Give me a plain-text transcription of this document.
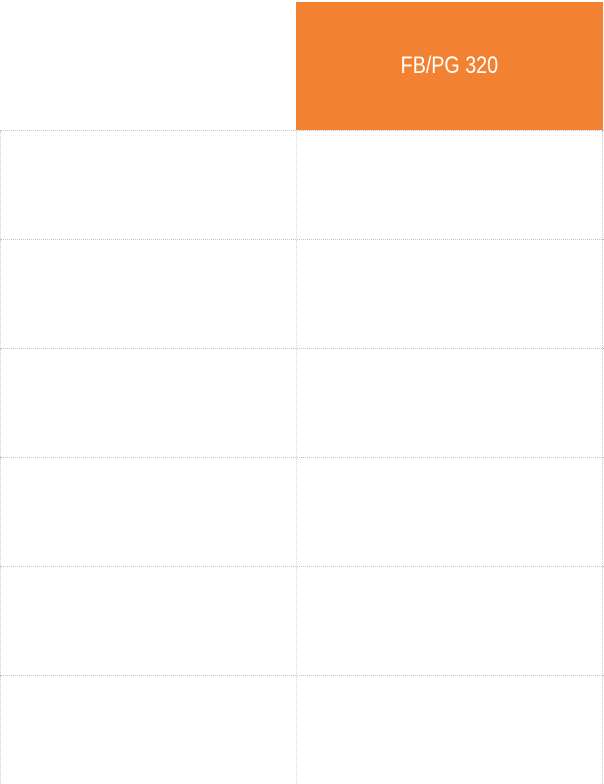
FB/PG 320
